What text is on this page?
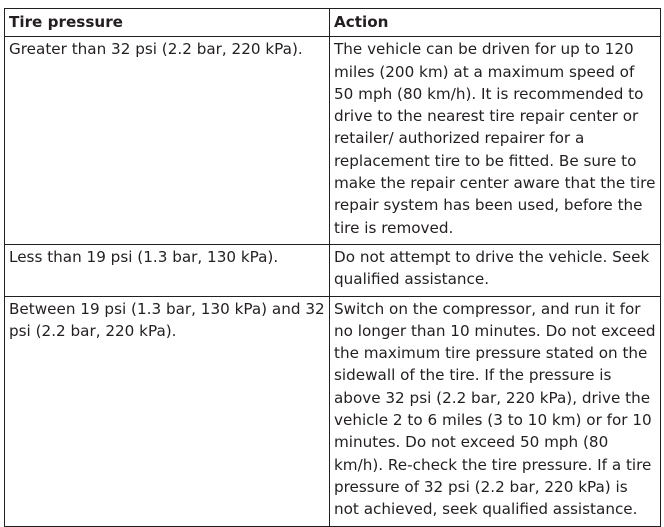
Tire pressure	Action
Greater than 32 psi (2.2 bar, 220 kPa).	The vehicle can be driven for up to 120 miles (200 km) at a maximum speed of 50 mph (80 km/h). It is recommended to drive to the nearest tire repair center or retailer/ authorized repairer for a replacement tire to be fitted. Be sure to make the repair center aware that the tire repair system has been used, before the tire is removed.
Less than 19 psi (1.3 bar, 130 kPa).	Do not attempt to drive the vehicle. Seek qualified assistance.
Between 19 psi (1.3 bar, 130 kPa) and 32 psi (2.2 bar, 220 kPa).	Switch on the compressor, and run it for no longer than 10 minutes. Do not exceed the maximum tire pressure stated on the sidewall of the tire. If the pressure is above 32 psi (2.2 bar, 220 kPa), drive the vehicle 2 to 6 miles (3 to 10 km) or for 10 minutes. Do not exceed 50 mph (80 km/h). Re-check the tire pressure. If a tire pressure of 32 psi (2.2 bar, 220 kPa) is not achieved, seek qualified assistance.
